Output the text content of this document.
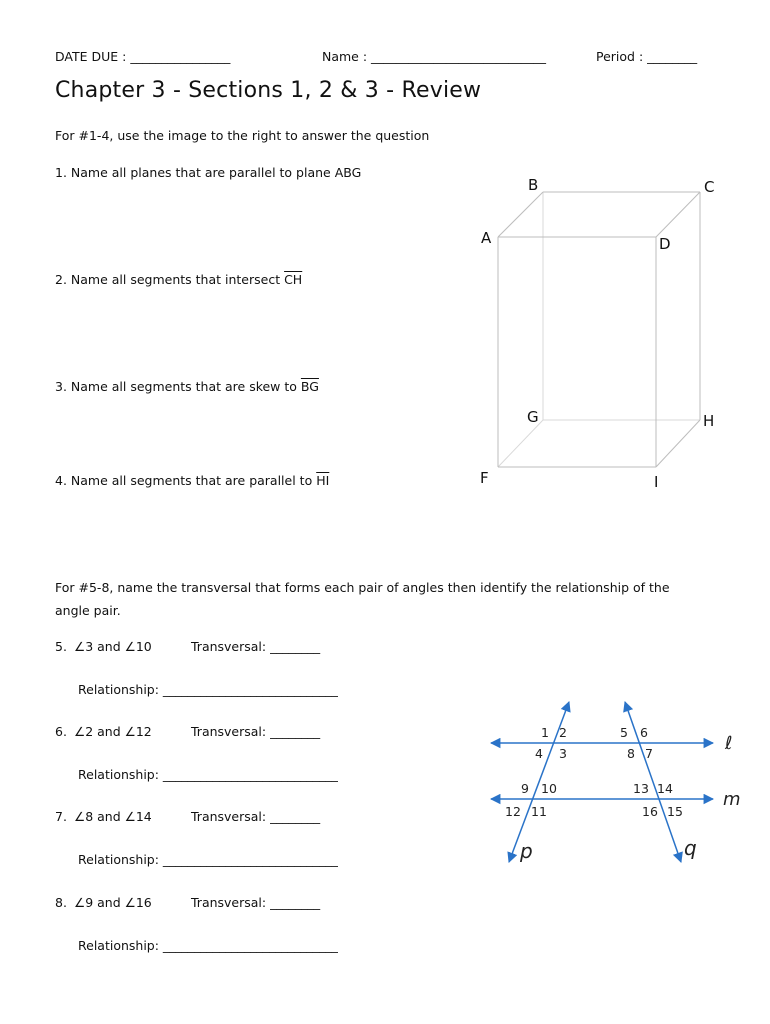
DATE DUE : ________________	Name : ____________________________	Period : ________
Chapter 3 - Sections 1, 2 & 3 - Review
For #1-4, use the image to the right to answer the question
1. Name all planes that are parallel to plane ABG
2. Name all segments that intersect $\overline{CH}$
3. Name all segments that are skew to $\overline{BG}$
4. Name all segments that are parallel to $\overline{HI}$
B	C
A	D
G	H
F	I
For #5-8, name the transversal that forms each pair of angles then identify the relationship of the
angle pair.
5. ∠3 and ∠10	Transversal: ________
Relationship: ____________________________
6. ∠2 and ∠12	Transversal: ________
Relationship: ____________________________
7. ∠8 and ∠14	Transversal: ________
Relationship: ____________________________
8. ∠9 and ∠16	Transversal: ________
Relationship: ____________________________
1 2
3
4
5 6
7
8
9 10
11
12
13 14
15
16
ℓ
m
p	q
